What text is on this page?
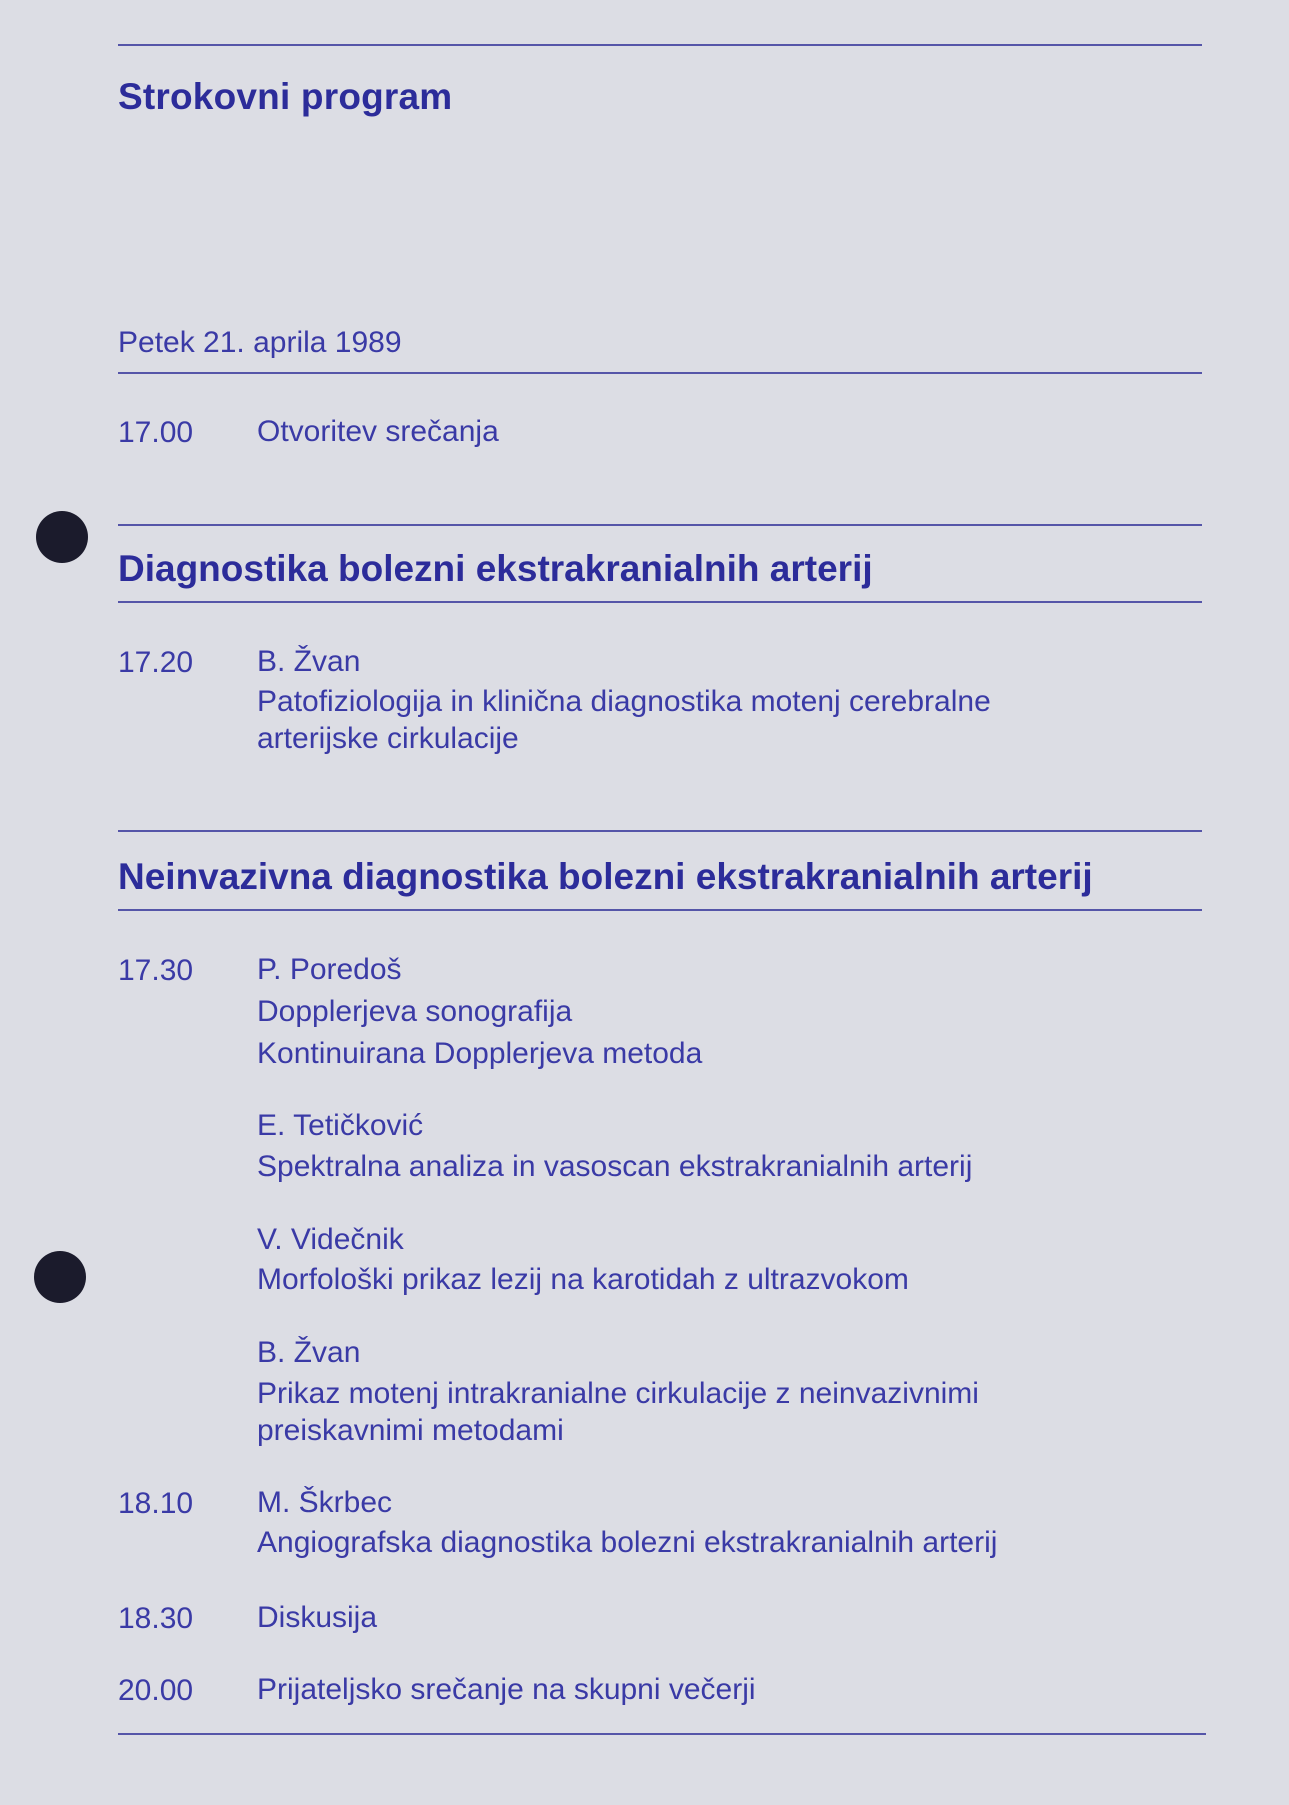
Strokovni program
Petek 21. aprila 1989
17.00 Otvoritev srečanja
Diagnostika bolezni ekstrakranialnih arterij
17.20 B. Žvan
Patofiziologija in klinična diagnostika motenj cerebralne
arterijske cirkulacije
Neinvazivna diagnostika bolezni ekstrakranialnih arterij
17.30 P. Poredoš
Dopplerjeva sonografija
Kontinuirana Dopplerjeva metoda
E. Tetičković
Spektralna analiza in vasoscan ekstrakranialnih arterij
V. Videčnik
Morfološki prikaz lezij na karotidah z ultrazvokom
B. Žvan
Prikaz motenj intrakranialne cirkulacije z neinvazivnimi
preiskavnimi metodami
18.10 M. Škrbec
Angiografska diagnostika bolezni ekstrakranialnih arterij
18.30 Diskusija
20.00 Prijateljsko srečanje na skupni večerji
